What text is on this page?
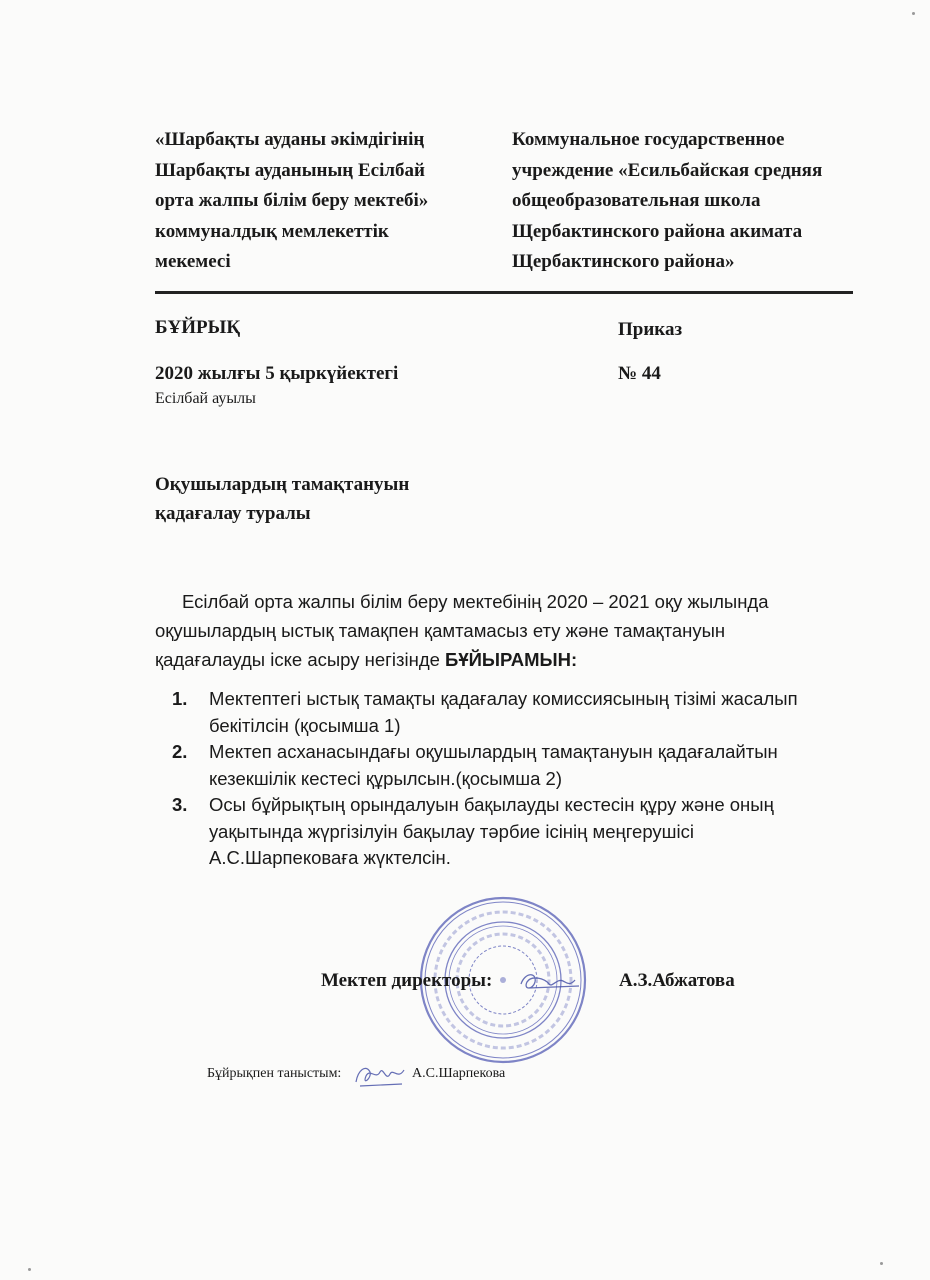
«Шарбақты ауданы әкімдігінің
Шарбақты ауданының Есілбай
орта жалпы білім беру мектебі»
коммуналдық мемлекеттік
мекемесі
Коммунальное государственное
учреждение «Есильбайская средняя
общеобразовательная школа
Щербактинского района акимата
Щербактинского района»
БҰЙРЫҚ	Приказ
2020 жылғы 5 қыркүйектегі	№ 44
Есілбай ауылы
Оқушылардың тамақтануын
қадағалау туралы
Есілбай орта жалпы білім беру мектебінің 2020 – 2021 оқу жылында
оқушылардың ыстық тамақпен қамтамасыз ету және тамақтануын
қадағалауды іске асыру негізінде БҰЙЫРАМЫН:
1. Мектептегі ыстық тамақты қадағалау комиссиясының тізімі жасалып
бекітілсін (қосымша 1)
2. Мектеп асханасындағы оқушылардың тамақтануын қадағалайтын
кезекшілік кестесі құрылсын.(қосымша 2)
3. Осы бұйрықтың орындалуын бақылауды кестесін құру және оның
уақытында жүргізілуін бақылау тәрбие ісінің меңгерушісі
А.С.Шарпековаға жүктелсін.
Мектеп директоры:	А.З.Абжатова
Бұйрықпен таныстым:	А.С.Шарпекова
